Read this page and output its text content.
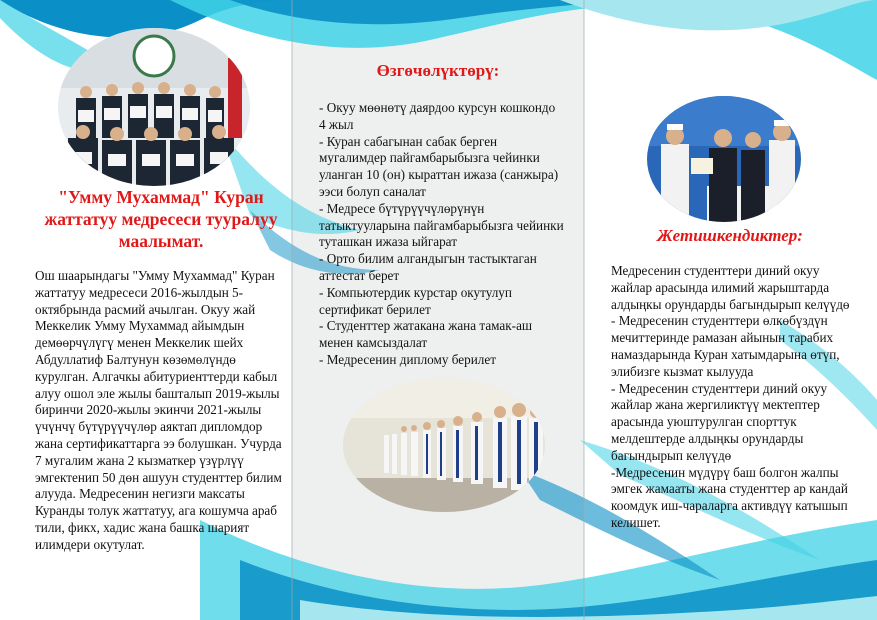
"Умму Мухаммад" Куран жаттатуу медресеси тууралуу маалымат.

Ош шаарындагы "Умму Мухаммад" Куран жаттатуу медресеси 2016-жылдын 5-октябрында расмий ачылган. Окуу жай Меккелик Умму Мухаммад айымдын демөөрчүлүгү менен Меккелик шейх Абдуллатиф Балтунун көзөмөлүндө курулган. Алгачкы абитуриенттерди кабыл алуу ошол эле жылы башталып 2019-жылы биринчи 2020-жылы экинчи 2021-жылы үчүнчү бүтүрүүчүлөр аяктап дипломдор жана сертификаттарга ээ болушкан. Учурда 7 мугалим жана 2 кызматкер үзүрлүү эмгектенип 50 дөн ашуун студенттер билим алууда. Медресенин негизги максаты Куранды толук жаттатуу, ага кошумча араб тили, фикх, хадис жана башка шарият илимдери окутулат.

Өзгөчөлүктөрү:
- Окуу мөөнөтү даярдоо курсун кошкондо 4 жыл
- Куран сабагынан сабак берген мугалимдер пайгамбарыбызга чейинки уланган 10 (он) кыраттан ижаза (санжыра) ээси болуп саналат
- Медресе бүтүрүүчүлөрүнүн татыктууларына пайгамбарыбызга чейинки туташкан ижаза ыйгарат
- Орто билим алгандыгын тастыктаган аттестат берет
- Компьютердик курстар окутулуп сертификат берилет
- Студенттер жатакана жана тамак-аш менен камсыздалат
- Медресенин диплому берилет
Жетишкендиктер:
Медресенин студенттери диний окуу жайлар арасында илимий жарыштарда алдыңкы орундарды багындырып келүүдө
- Медресенин студенттери өлкөбүздүн мечиттеринде рамазан айынын тарабих намаздарында Куран хатымдарына өтүп, элибизге кызмат кылууда
- Медресенин студенттери диний окуу жайлар жана жергиликтүү мектептер арасында уюштурулган спорттук мелдештерде алдыңкы орундарды багындырып келүүдө
-Медресенин мүдүрү баш болгон жалпы эмгек жамааты жана студенттер ар кандай коомдук иш-чараларга активдүү катышып келишет.
